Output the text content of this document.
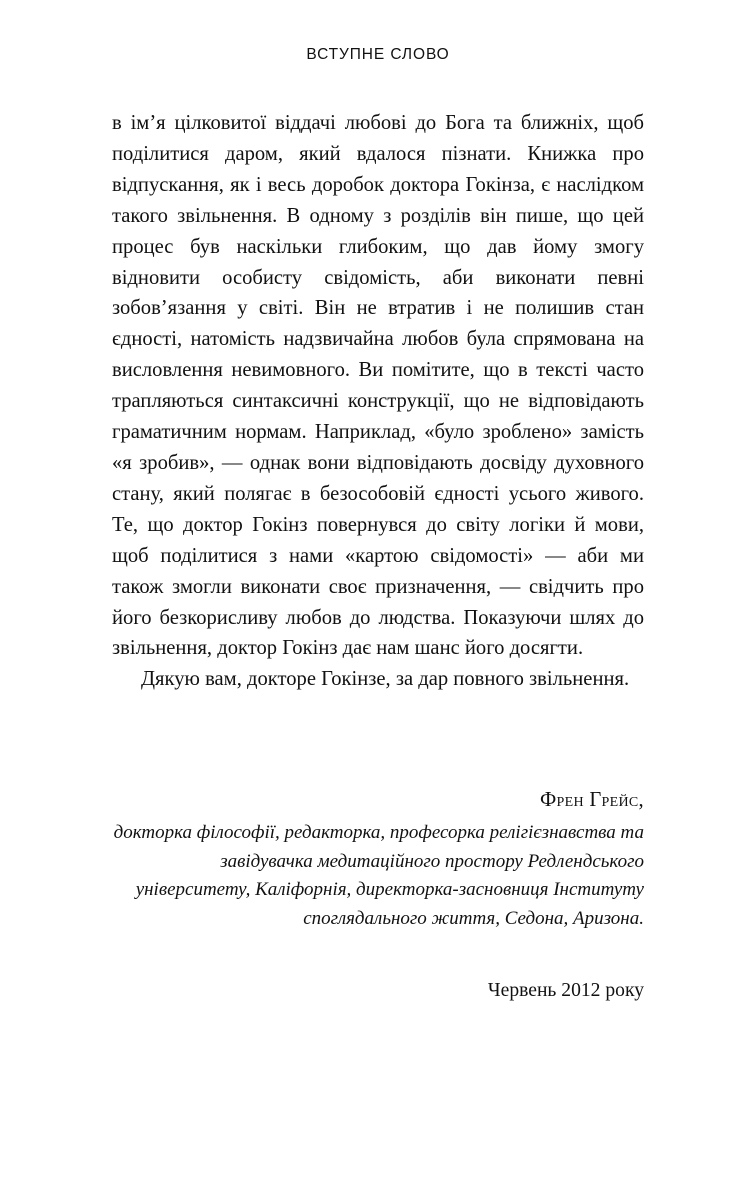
ВСТУПНЕ СЛОВО

в ім’я цілковитої віддачі любові до Бога та ближніх, щоб поділитися даром, який вдалося пізнати. Книжка про відпускання, як і весь доробок доктора Гокінза, є наслідком такого звільнення. В одному з розділів він пише, що цей процес був наскільки глибоким, що дав йому змогу відновити особисту свідомість, аби виконати певні зобов’язання у світі. Він не втратив і не полишив стан єдності, натомість надзвичайна любов була спрямована на висловлення невимовного. Ви помітите, що в тексті часто трапляються синтаксичні конструкції, що не відповідають граматичним нормам. Наприклад, «було зроблено» замість «я зробив», — однак вони відповідають досвіду духовного стану, який полягає в безособовій єдності усього живого. Те, що доктор Гокінз повернувся до світу логіки й мови, щоб поділитися з нами «картою свідомості» — аби ми також змогли виконати своє призначення, — свідчить про його безкорисливу любов до людства. Показуючи шлях до звільнення, доктор Гокінз дає нам шанс його досягти.

Дякую вам, докторе Гокінзе, за дар повного звільнення.

Френ Грейс,

докторка філософії, редакторка, професорка релігієзнавства та завідувачка медитаційного простору Редлендського університету, Каліфорнія, директорка-засновниця Інституту споглядального життя, Седона, Аризона.

Червень 2012 року
